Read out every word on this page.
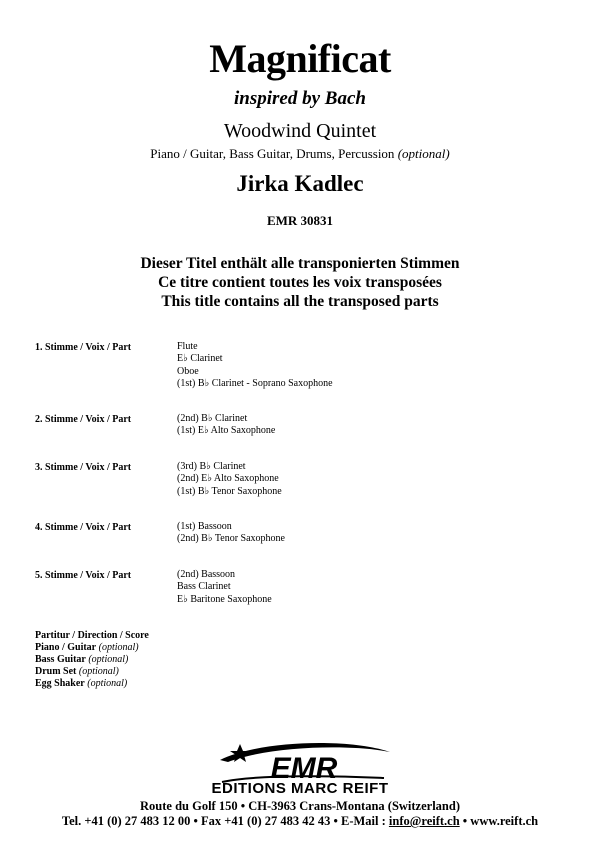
Magnificat
inspired by Bach
Woodwind Quintet
Piano / Guitar, Bass Guitar, Drums, Percussion (optional)
Jirka Kadlec
EMR 30831
Dieser Titel enthält alle transponierten Stimmen
Ce titre contient toutes les voix transposées
This title contains all the transposed parts
1. Stimme / Voix / Part	Flute
E♭ Clarinet
Oboe
(1st) B♭ Clarinet - Soprano Saxophone
2. Stimme / Voix / Part	(2nd) B♭ Clarinet
(1st) E♭ Alto Saxophone
3. Stimme / Voix / Part	(3rd) B♭ Clarinet
(2nd) E♭ Alto Saxophone
(1st) B♭ Tenor Saxophone
4. Stimme / Voix / Part	(1st) Bassoon
(2nd) B♭ Tenor Saxophone
5. Stimme / Voix / Part	(2nd) Bassoon
Bass Clarinet
E♭ Baritone Saxophone
Partitur / Direction / Score
Piano / Guitar (optional)
Bass Guitar (optional)
Drum Set (optional)
Egg Shaker (optional)
EMR
EDITIONS MARC REIFT
Route du Golf 150 • CH-3963 Crans-Montana (Switzerland)
Tel. +41 (0) 27 483 12 00 • Fax +41 (0) 27 483 42 43 • E-Mail : info@reift.ch • www.reift.ch
